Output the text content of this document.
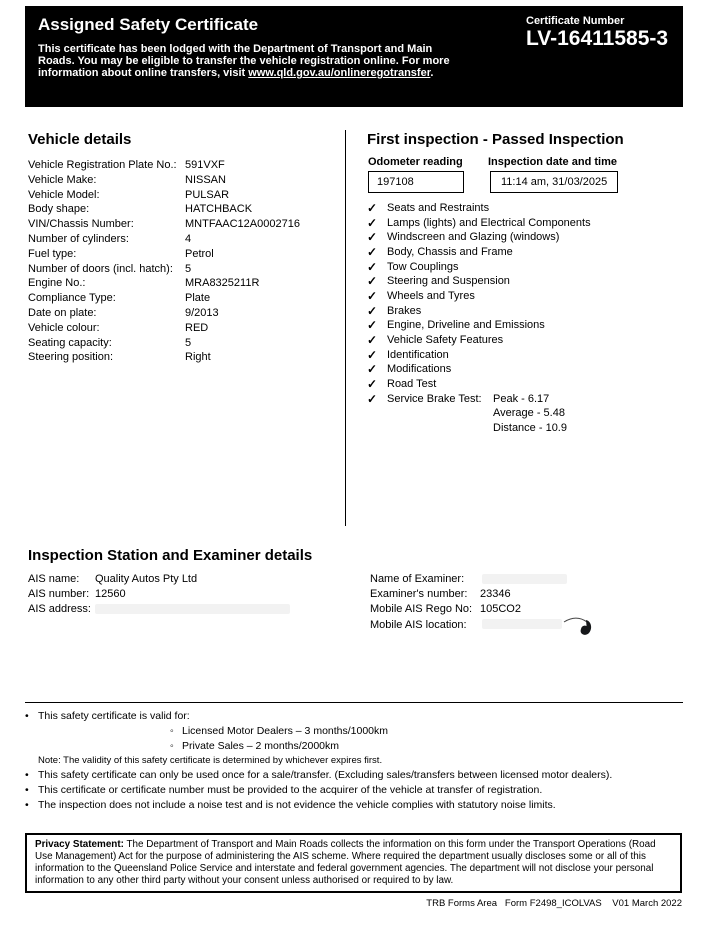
Assigned Safety Certificate
This certificate has been lodged with the Department of Transport and Main
Roads. You may be eligible to transfer the vehicle registration online. For more
information about online transfers, visit www.qld.gov.au/onlineregotransfer.
Certificate Number
LV-16411585-3
Vehicle details
Vehicle Registration Plate No.: 591VXF
Vehicle Make:	NISSAN
Vehicle Model:	PULSAR
Body shape:	HATCHBACK
VIN/Chassis Number:	MNTFAAC12A0002716
Number of cylinders:	4
Fuel type:	Petrol
Number of doors (incl. hatch): 5
Engine No.:	MRA8325211R
Compliance Type:	Plate
Date on plate:	9/2013
Vehicle colour:	RED
Seating capacity:	5
Steering position:	Right
First inspection - Passed Inspection
Odometer reading Inspection date and time
197108	11:14 am, 31/03/2025
✓ Seats and Restraints
✓ Lamps (lights) and Electrical Components
✓ Windscreen and Glazing (windows)
✓ Body, Chassis and Frame
✓ Tow Couplings
✓ Steering and Suspension
✓ Wheels and Tyres
✓ Brakes
✓ Engine, Driveline and Emissions
✓ Vehicle Safety Features
✓ Identification
✓ Modifications
✓ Road Test
✓ Service Brake Test:	Peak - 6.17
Average - 5.48
Distance - 10.9
Inspection Station and Examiner details
AIS name: Quality Autos Pty Ltd
AIS number: 12560
AIS address:
Name of Examiner:
Examiner's number: 23346
Mobile AIS Rego No: 105CO2
Mobile AIS location:
• This safety certificate is valid for:
◦ Licensed Motor Dealers – 3 months/1000km
◦ Private Sales – 2 months/2000km
Note: The validity of this safety certificate is determined by whichever expires first.
• This safety certificate can only be used once for a sale/transfer. (Excluding sales/transfers between licensed motor dealers).
• This certificate or certificate number must be provided to the acquirer of the vehicle at transfer of registration.
• The inspection does not include a noise test and is not evidence the vehicle complies with statutory noise limits.
Privacy Statement: The Department of Transport and Main Roads collects the information on this form under the Transport Operations (Road Use Management) Act for the purpose of administering the AIS scheme. Where required the department usually discloses some or all of this information to the Queensland Police Service and interstate and federal government agencies. The department will not disclose your personal information to any other third party without your consent unless authorised or required to by law.
TRB Forms Area   Form F2498_ICOLVAS    V01 March 2022
